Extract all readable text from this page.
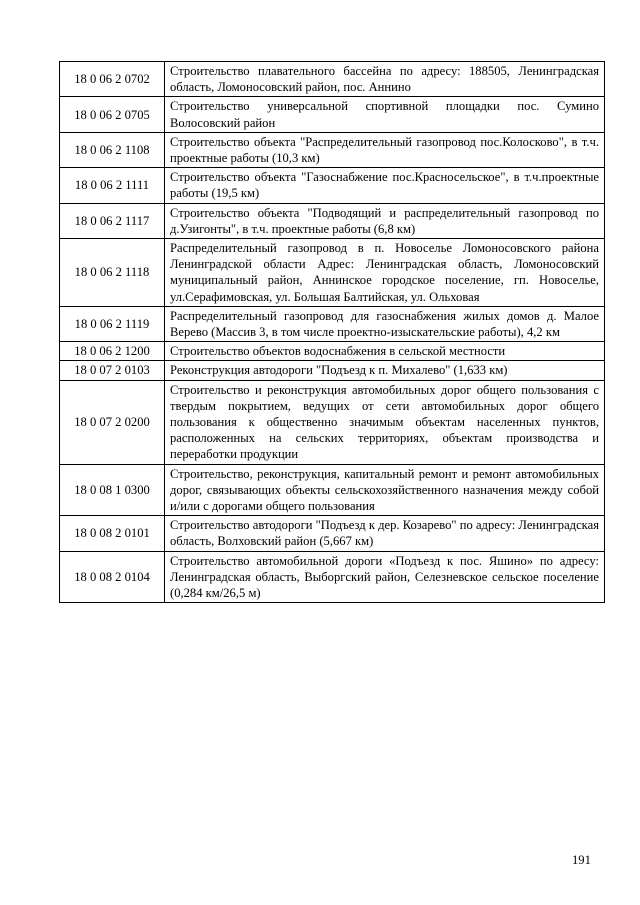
18 0 06 2 0702	Строительство плавательного бассейна по адресу: 188505, Ленинградская область, Ломоносовский район, пос. Аннино
18 0 06 2 0705	Строительство универсальной спортивной площадки пос. Сумино Волосовский район
18 0 06 2 1108	Строительство объекта "Распределительный газопровод пос.Колосково", в т.ч. проектные работы (10,3 км)
18 0 06 2 1111	Строительство объекта "Газоснабжение пос.Красносельское", в т.ч.проектные работы (19,5 км)
18 0 06 2 1117	Строительство объекта "Подводящий и распределительный газопровод по д.Узигонты", в т.ч. проектные работы (6,8 км)
18 0 06 2 1118	Распределительный газопровод в п. Новоселье Ломоносовского района Ленинградской области Адрес: Ленинградская область, Ломоносовский муниципальный район, Аннинское городское поселение, гп. Новоселье, ул.Серафимовская, ул. Большая Балтийская, ул. Ольховая
18 0 06 2 1119	Распределительный газопровод для газоснабжения жилых домов д. Малое Верево (Массив 3, в том числе проектно-изыскательские работы), 4,2 км
18 0 06 2 1200	Строительство объектов водоснабжения в сельской местности
18 0 07 2 0103	Реконструкция автодороги "Подъезд к п. Михалево" (1,633 км)
18 0 07 2 0200	Строительство и реконструкция автомобильных дорог общего пользования с твердым покрытием, ведущих от сети автомобильных дорог общего пользования к общественно значимым объектам населенных пунктов, расположенных на сельских территориях, объектам производства и переработки продукции
18 0 08 1 0300	Строительство, реконструкция, капитальный ремонт и ремонт автомобильных дорог, связывающих объекты сельскохозяйственного назначения между собой и/или с дорогами общего пользования
18 0 08 2 0101	Строительство автодороги "Подъезд к дер. Козарево" по адресу: Ленинградская область, Волховский район (5,667 км)
18 0 08 2 0104	Строительство автомобильной дороги «Подъезд к пос. Яшино» по адресу: Ленинградская область, Выборгский район, Селезневское сельское поселение (0,284 км/26,5 м)
191
